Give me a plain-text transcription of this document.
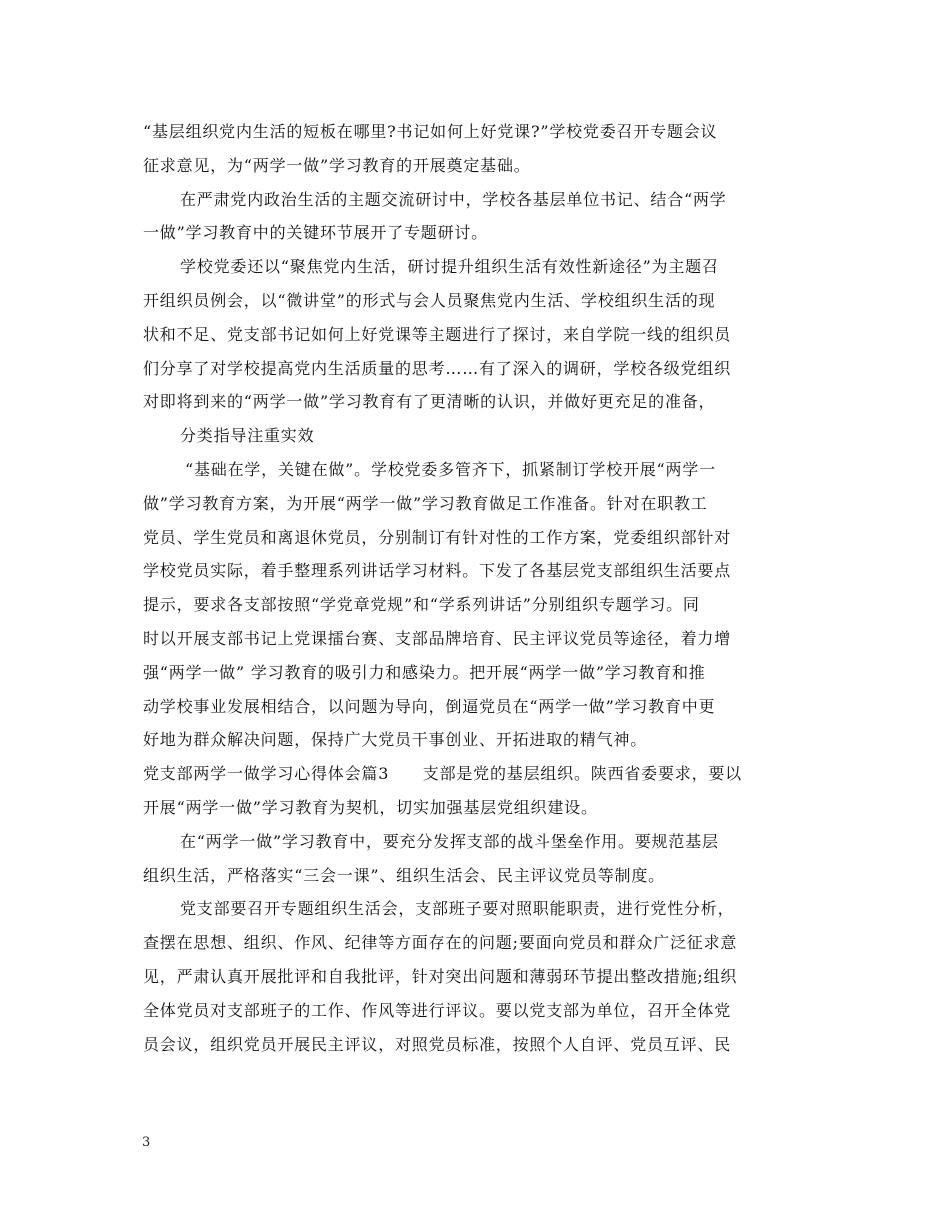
“基层组织党内生活的短板在哪里?书记如何上好党课?”学校党委召开专题会议
征求意见，为“两学一做”学习教育的开展奠定基础。
在严肃党内政治生活的主题交流研讨中，学校各基层单位书记、结合“两学
一做”学习教育中的关键环节展开了专题研讨。
学校党委还以“聚焦党内生活，研讨提升组织生活有效性新途径”为主题召
开组织员例会，以“微讲堂”的形式与会人员聚焦党内生活、学校组织生活的现
状和不足、党支部书记如何上好党课等主题进行了探讨，来自学院一线的组织员
们分享了对学校提高党内生活质量的思考……有了深入的调研，学校各级党组织
对即将到来的“两学一做”学习教育有了更清晰的认识，并做好更充足的准备，
分类指导注重实效
“基础在学，关键在做”。学校党委多管齐下，抓紧制订学校开展“两学一
做”学习教育方案，为开展“两学一做”学习教育做足工作准备。针对在职教工
党员、学生党员和离退休党员，分别制订有针对性的工作方案，党委组织部针对
学校党员实际，着手整理系列讲话学习材料。下发了各基层党支部组织生活要点
提示，要求各支部按照“学党章党规”和“学系列讲话”分别组织专题学习。同
时以开展支部书记上党课擂台赛、支部品牌培育、民主评议党员等途径，着力增
强“两学一做” 学习教育的吸引力和感染力。把开展“两学一做”学习教育和推
动学校事业发展相结合，以问题为导向，倒逼党员在“两学一做”学习教育中更
好地为群众解决问题，保持广大党员干事创业、开拓进取的精气神。
党支部两学一做学习心得体会篇3　　支部是党的基层组织。陕西省委要求，要以
开展“两学一做”学习教育为契机，切实加强基层党组织建设。
在“两学一做”学习教育中，要充分发挥支部的战斗堡垒作用。要规范基层
组织生活，严格落实“三会一课”、组织生活会、民主评议党员等制度。
党支部要召开专题组织生活会，支部班子要对照职能职责，进行党性分析，
查摆在思想、组织、作风、纪律等方面存在的问题;要面向党员和群众广泛征求意
见，严肃认真开展批评和自我批评，针对突出问题和薄弱环节提出整改措施;组织
全体党员对支部班子的工作、作风等进行评议。要以党支部为单位，召开全体党
员会议，组织党员开展民主评议，对照党员标准，按照个人自评、党员互评、民
3
